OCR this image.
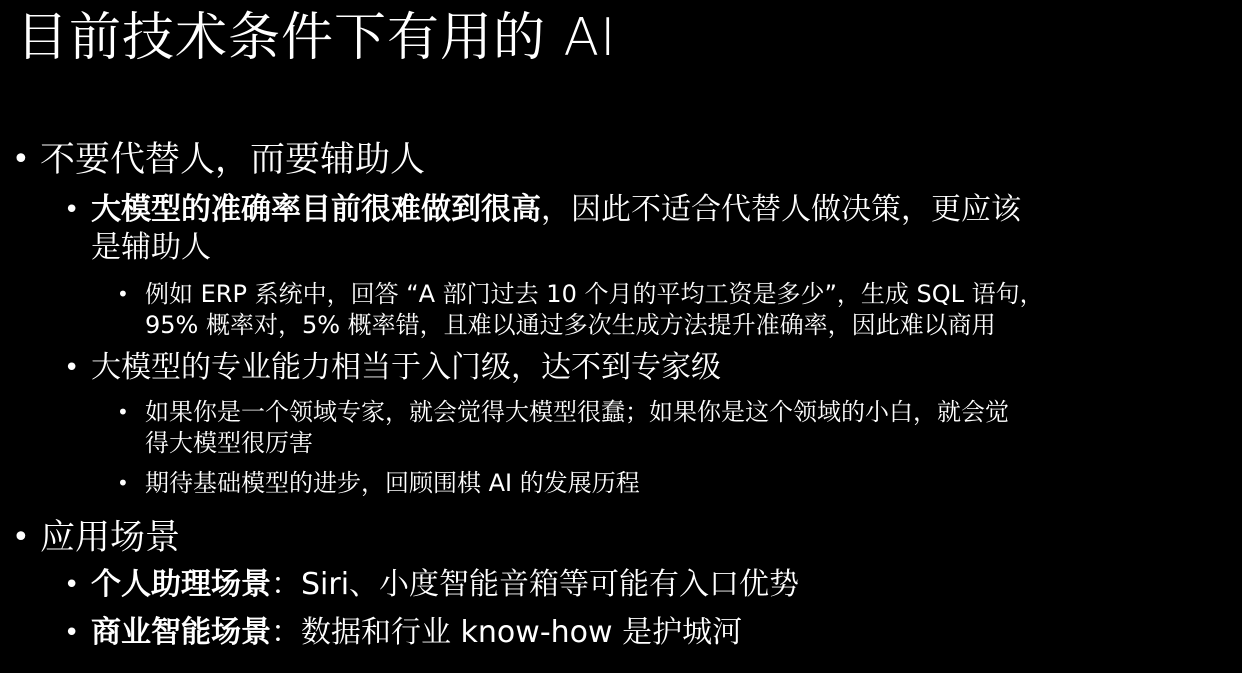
目前技术条件下有用的 AI
• 不要代替人，而要辅助人
• 大模型的准确率目前很难做到很高，因此不适合代替人做决策，更应该
是辅助人
• 例如 ERP 系统中，回答 “A 部门过去 10 个月的平均工资是多少”，生成 SQL 语句，
95% 概率对，5% 概率错，且难以通过多次生成方法提升准确率，因此难以商用
• 大模型的专业能力相当于入门级，达不到专家级
• 如果你是一个领域专家，就会觉得大模型很蠢；如果你是这个领域的小白，就会觉
得大模型很厉害
• 期待基础模型的进步，回顾围棋 AI 的发展历程
• 应用场景
• 个人助理场景：Siri、小度智能音箱等可能有入口优势
• 商业智能场景：数据和行业 know-how 是护城河
